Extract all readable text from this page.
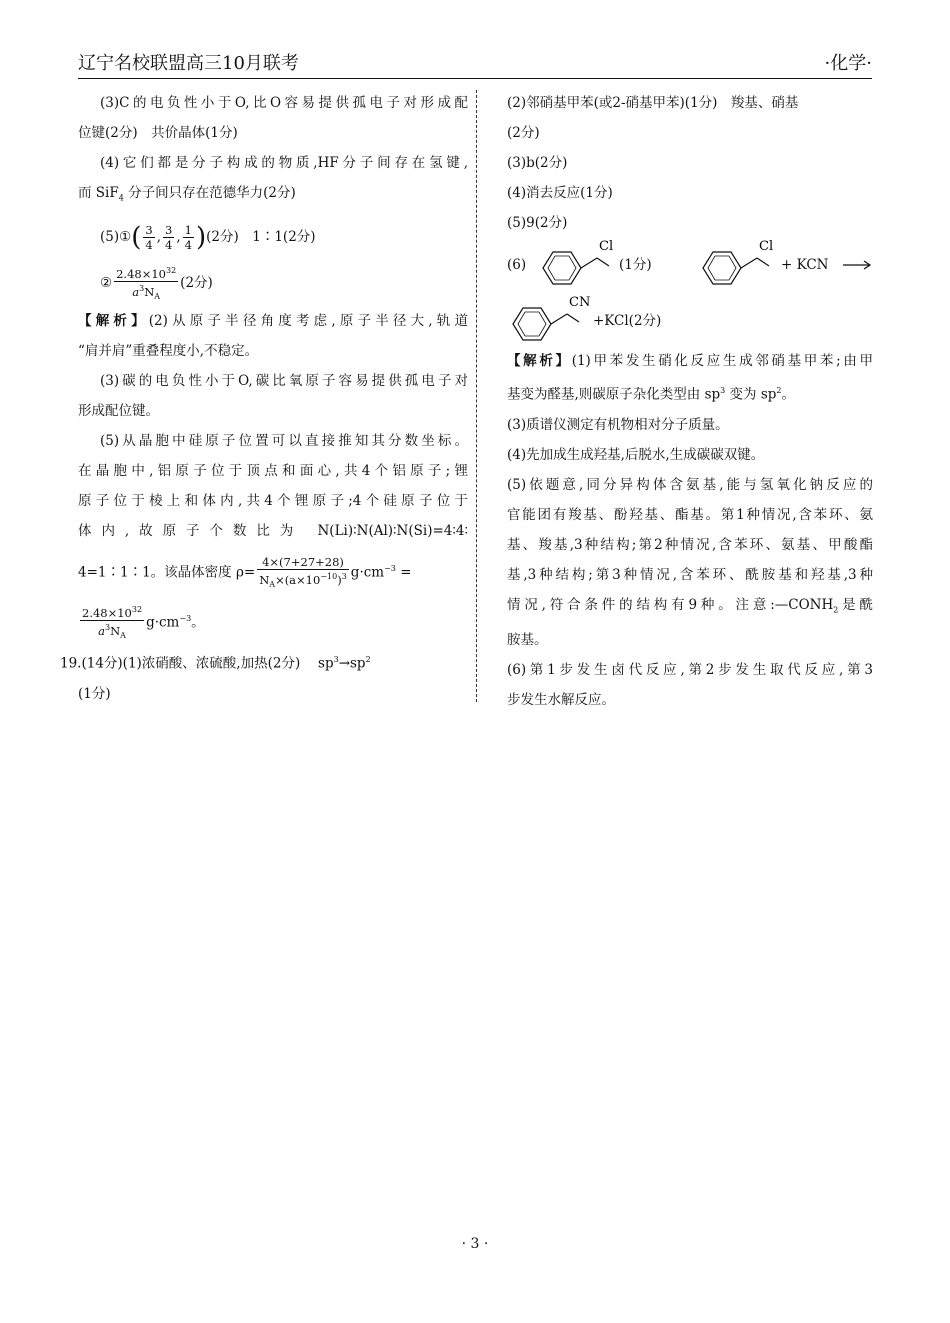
辽宁名校联盟高三10月联考	·化学·

(3)C的电负性小于O,比O容易提供孤电子对形成配

位键(2分)　共价晶体(1分)

(4)它们都是分子构成的物质,HF分子间存在氢键,

而 SiF$_4$ 分子间只存在范德华力(2分)

(5)①( $\frac{3}{4}$ , $\frac{3}{4}$ , $\frac{1}{4} )(2$分)　1∶1(2分)

② $\frac{2.48\times 10^{32}}{a^3N_A} (2$分)

【解析】(2)从原子半径角度考虑,原子半径大,轨道

“肩并肩”重叠程度小,不稳定。

(3)碳的电负性小于O,碳比氧原子容易提供孤电子对

形成配位键。

(5)从晶胞中硅原子位置可以直接推知其分数坐标。

在晶胞中,铝原子位于顶点和面心,共4个铝原子;锂

原子位于棱上和体内,共4个锂原子;4个硅原子位于

体内,故原子个数比为 N(Li)∶N(Al)∶N(Si)=4∶4∶

4=1∶1∶1。该晶体密度 $\rho= \frac{4\times(7+27+28)}{N_A\times(a\times 10^{-10})^3} g\cdot cm^{-3}$ =

$\frac{2.48\times 10^{32}}{a^3N_A} g\cdot cm^{-3}$。

19.(14分)(1)浓硝酸、浓硫酸,加热(2分)　 $sp^3\to sp^2$

(1分)

(2)邻硝基甲苯(或2-硝基甲苯)(1分)　羧基、硝基

(2分)

(3)b(2分)

(4)消去反应(1分)

(5)9(2分)

(6)
Cl
(1分)
Cl
+ KCN →
CN
+KCl(2分)

【解析】(1)甲苯发生硝化反应生成邻硝基甲苯;由甲

基变为醛基,则碳原子杂化类型由 $sp^3$ 变为 $sp^2$。

(3)质谱仪测定有机物相对分子质量。

(4)先加成生成羟基,后脱水,生成碳碳双键。

(5)依题意,同分异构体含氨基,能与氢氧化钠反应的

官能团有羧基、酚羟基、酯基。第1种情况,含苯环、氨

基、羧基,3种结构;第2种情况,含苯环、氨基、甲酸酯

基,3种结构;第3种情况,含苯环、酰胺基和羟基,3种

情况,符合条件的结构有9种。注意$:—CONH_2$是酰

胺基。

(6)第1步发生卤代反应,第2步发生取代反应,第3

步发生水解反应。

· 3 ·
